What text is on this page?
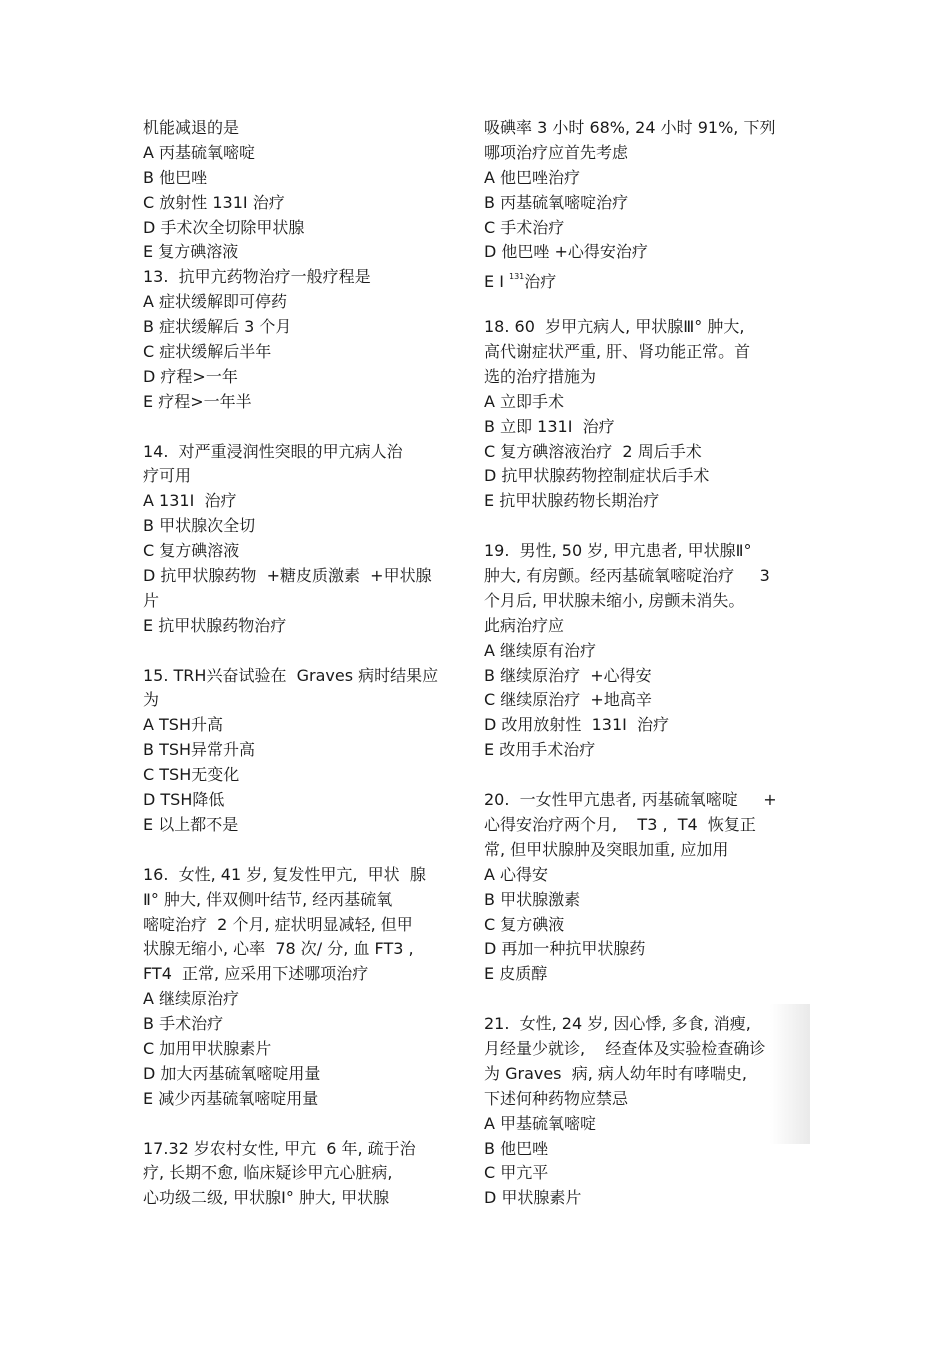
机能减退的是
A 丙基硫氧嘧啶
B 他巴唑
C 放射性 131I 治疗
D 手术次全切除甲状腺
E 复方碘溶液
13.  抗甲亢药物治疗一般疗程是
A 症状缓解即可停药
B 症状缓解后 3 个月
C 症状缓解后半年
D 疗程>一年
E 疗程>一年半
14.  对严重浸润性突眼的甲亢病人治
疗可用
A 131I  治疗
B 甲状腺次全切
C 复方碘溶液
D 抗甲状腺药物  +糖皮质激素  +甲状腺
片
E 抗甲状腺药物治疗
15. TRH兴奋试验在  Graves 病时结果应
为
A TSH升高
B TSH异常升高
C TSH无变化
D TSH降低
E 以上都不是
16.  女性, 41 岁, 复发性甲亢,  甲状  腺
Ⅱ° 肿大, 伴双侧叶结节, 经丙基硫氧
嘧啶治疗  2 个月, 症状明显减轻, 但甲
状腺无缩小, 心率  78 次/ 分, 血 FT3 ,
FT4  正常, 应采用下述哪项治疗
A 继续原治疗
B 手术治疗
C 加用甲状腺素片
D 加大丙基硫氧嘧啶用量
E 减少丙基硫氧嘧啶用量
17.32 岁农村女性, 甲亢  6 年, 疏于治
疗, 长期不愈, 临床疑诊甲亢心脏病,
心功级二级, 甲状腺Ⅰ° 肿大, 甲状腺
吸碘率 3 小时 68%, 24 小时 91%, 下列
哪项治疗应首先考虑
A 他巴唑治疗
B 丙基硫氧嘧啶治疗
C 手术治疗
D 他巴唑 +心得安治疗
E I $^{131}$治疗
18. 60  岁甲亢病人, 甲状腺Ⅲ° 肿大,
高代谢症状严重, 肝、肾功能正常。首
选的治疗措施为
A 立即手术
B 立即 131I  治疗
C 复方碘溶液治疗  2 周后手术
D 抗甲状腺药物控制症状后手术
E 抗甲状腺药物长期治疗
19.  男性, 50 岁, 甲亢患者, 甲状腺Ⅱ°
肿大, 有房颤。经丙基硫氧嘧啶治疗     3
个月后, 甲状腺未缩小, 房颤未消失。
此病治疗应
A 继续原有治疗
B 继续原治疗  +心得安
C 继续原治疗  +地高辛
D 改用放射性  131I  治疗
E 改用手术治疗
20.  一女性甲亢患者, 丙基硫氧嘧啶     +
心得安治疗两个月,    T3 ,  T4  恢复正
常, 但甲状腺肿及突眼加重, 应加用
A 心得安
B 甲状腺激素
C 复方碘液
D 再加一种抗甲状腺药
E 皮质醇
21.  女性, 24 岁, 因心悸, 多食, 消瘦,
月经量少就诊,    经查体及实验检查确诊
为 Graves  病, 病人幼年时有哮喘史,
下述何种药物应禁忌
A 甲基硫氧嘧啶
B 他巴唑
C 甲亢平
D 甲状腺素片
